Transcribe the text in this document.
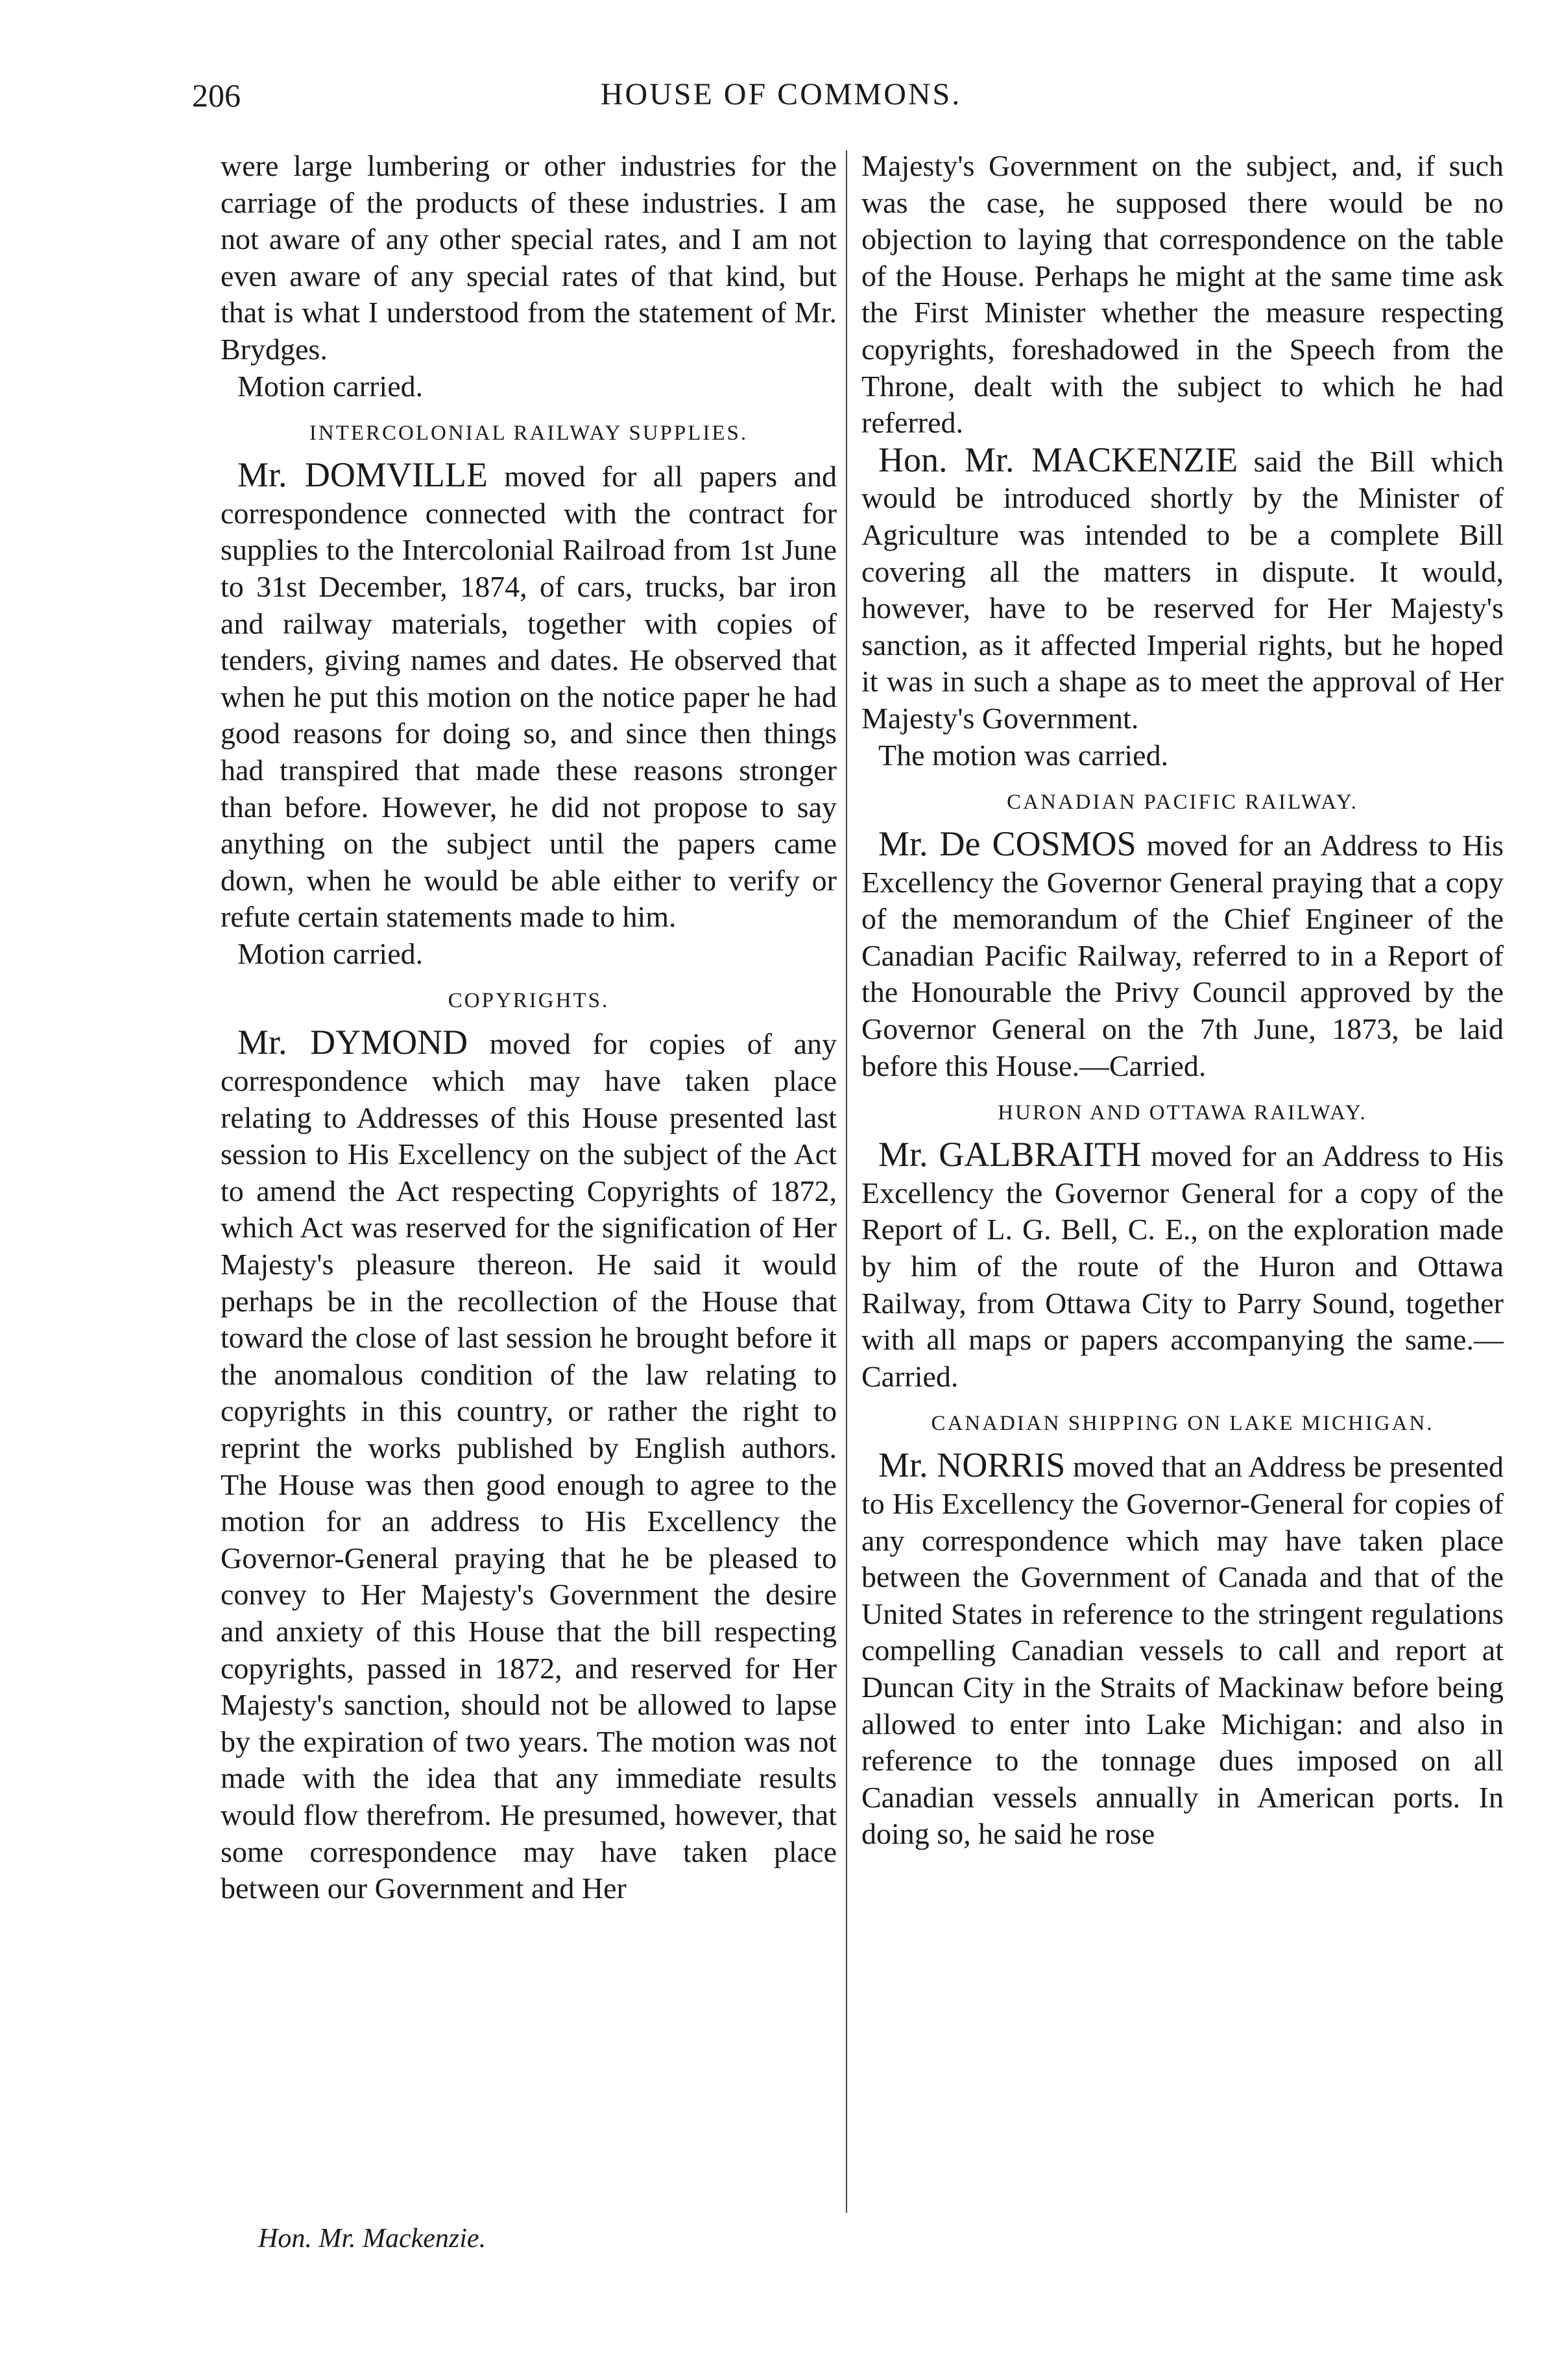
206	HOUSE OF COMMONS.

were large lumbering or other industries for the carriage of the products of these industries. I am not aware of any other special rates, and I am not even aware of any special rates of that kind, but that is what I understood from the statement of Mr. Brydges.

Motion carried.

INTERCOLONIAL RAILWAY SUPPLIES.

Mr. DOMVILLE moved for all papers and correspondence connected with the contract for supplies to the Intercolonial Railroad from 1st June to 31st December, 1874, of cars, trucks, bar iron and railway materials, together with copies of tenders, giving names and dates. He observed that when he put this motion on the notice paper he had good reasons for doing so, and since then things had transpired that made these reasons stronger than before. However, he did not propose to say anything on the subject until the papers came down, when he would be able either to verify or refute certain statements made to him.

Motion carried.

COPYRIGHTS.

Mr. DYMOND moved for copies of any correspondence which may have taken place relating to Addresses of this House presented last session to His Excellency on the subject of the Act to amend the Act respecting Copyrights of 1872, which Act was reserved for the signification of Her Majesty's pleasure thereon. He said it would perhaps be in the recollection of the House that toward the close of last session he brought before it the anomalous condition of the law relating to copyrights in this country, or rather the right to reprint the works published by English authors. The House was then good enough to agree to the motion for an address to His Excellency the Governor-General praying that he be pleased to convey to Her Majesty's Government the desire and anxiety of this House that the bill respecting copyrights, passed in 1872, and reserved for Her Majesty's sanction, should not be allowed to lapse by the expiration of two years. The motion was not made with the idea that any immediate results would flow therefrom. He presumed, however, that some correspondence may have taken place between our Government and Her

Majesty's Government on the subject, and, if such was the case, he supposed there would be no objection to laying that correspondence on the table of the House. Perhaps he might at the same time ask the First Minister whether the measure respecting copyrights, foreshadowed in the Speech from the Throne, dealt with the subject to which he had referred.

Hon. Mr. MACKENZIE said the Bill which would be introduced shortly by the Minister of Agriculture was intended to be a complete Bill covering all the matters in dispute. It would, however, have to be reserved for Her Majesty's sanction, as it affected Imperial rights, but he hoped it was in such a shape as to meet the approval of Her Majesty's Government.

The motion was carried.

CANADIAN PACIFIC RAILWAY.

Mr. De COSMOS moved for an Address to His Excellency the Governor General praying that a copy of the memorandum of the Chief Engineer of the Canadian Pacific Railway, referred to in a Report of the Honourable the Privy Council approved by the Governor General on the 7th June, 1873, be laid before this House.—Carried.

HURON AND OTTAWA RAILWAY.

Mr. GALBRAITH moved for an Address to His Excellency the Governor General for a copy of the Report of L. G. Bell, C. E., on the exploration made by him of the route of the Huron and Ottawa Railway, from Ottawa City to Parry Sound, together with all maps or papers accompanying the same.—Carried.

CANADIAN SHIPPING ON LAKE MICHIGAN.

Mr. NORRIS moved that an Address be presented to His Excellency the Governor-General for copies of any correspondence which may have taken place between the Government of Canada and that of the United States in reference to the stringent regulations compelling Canadian vessels to call and report at Duncan City in the Straits of Mackinaw before being allowed to enter into Lake Michigan: and also in reference to the tonnage dues imposed on all Canadian vessels annually in American ports. In doing so, he said he rose

Hon. Mr. Mackenzie.
